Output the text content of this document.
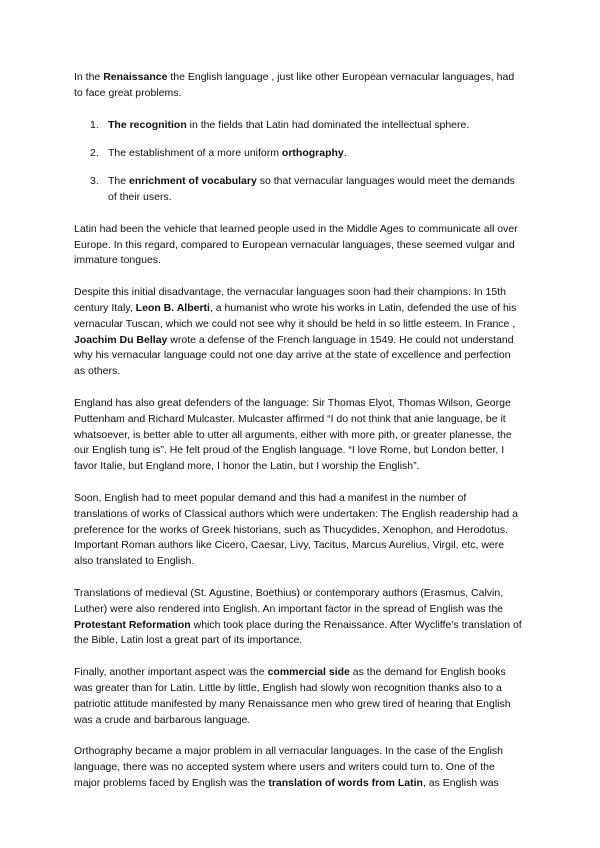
In the Renaissance the English language , just like other European vernacular languages, had to face great problems.

1. The recognition in the fields that Latin had dominated the intellectual sphere.
2. The establishment of a more uniform orthography.
3. The enrichment of vocabulary so that vernacular languages would meet the demands of their users.

Latin had been the vehicle that learned people used in the Middle Ages to communicate all over Europe. In this regard, compared to European vernacular languages, these seemed vulgar and immature tongues.

Despite this initial disadvantage, the vernacular languages soon had their champions. In 15th century Italy, Leon B. Alberti, a humanist who wrote his works in Latin, defended the use of his vernacular Tuscan, which we could not see why it should be held in so little esteem. In France , Joachim Du Bellay wrote a defense of the French language in 1549. He could not understand why his vernacular language could not one day arrive at the state of excellence and perfection as others.

England has also great defenders of the language: Sir Thomas Elyot, Thomas Wilson, George Puttenham and Richard Mulcaster. Mulcaster affirmed “I do not think that anie language, be it whatsoever, is better able to utter all arguments, either with more pith, or greater planesse, the our English tung is”. He felt proud of the English language. “I love Rome, but London better, I favor Italie, but England more, I honor the Latin, but I worship the English”.

Soon, English had to meet popular demand and this had a manifest in the number of translations of works of Classical authors which were undertaken: The English readership had a preference for the works of Greek historians, such as Thucydides, Xenophon, and Herodotus. Important Roman authors like Cicero, Caesar, Livy, Tacitus, Marcus Aurelius, Virgil, etc, were also translated to English.

Translations of medieval (St. Agustine, Boethius) or contemporary authors (Erasmus, Calvin, Luther) were also rendered into English. An important factor in the spread of English was the Protestant Reformation which took place during the Renaissance. After Wycliffe’s translation of the Bible, Latin lost a great part of its importance.

Finally, another important aspect was the commercial side as the demand for English books was greater than for Latin. Little by little, English had slowly won recognition thanks also to a patriotic attitude manifested by many Renaissance men who grew tired of hearing that English was a crude and barbarous language.

Orthography became a major problem in all vernacular languages. In the case of the English language, there was no accepted system where users and writers could turn to. One of the major problems faced by English was the translation of words from Latin, as English was
